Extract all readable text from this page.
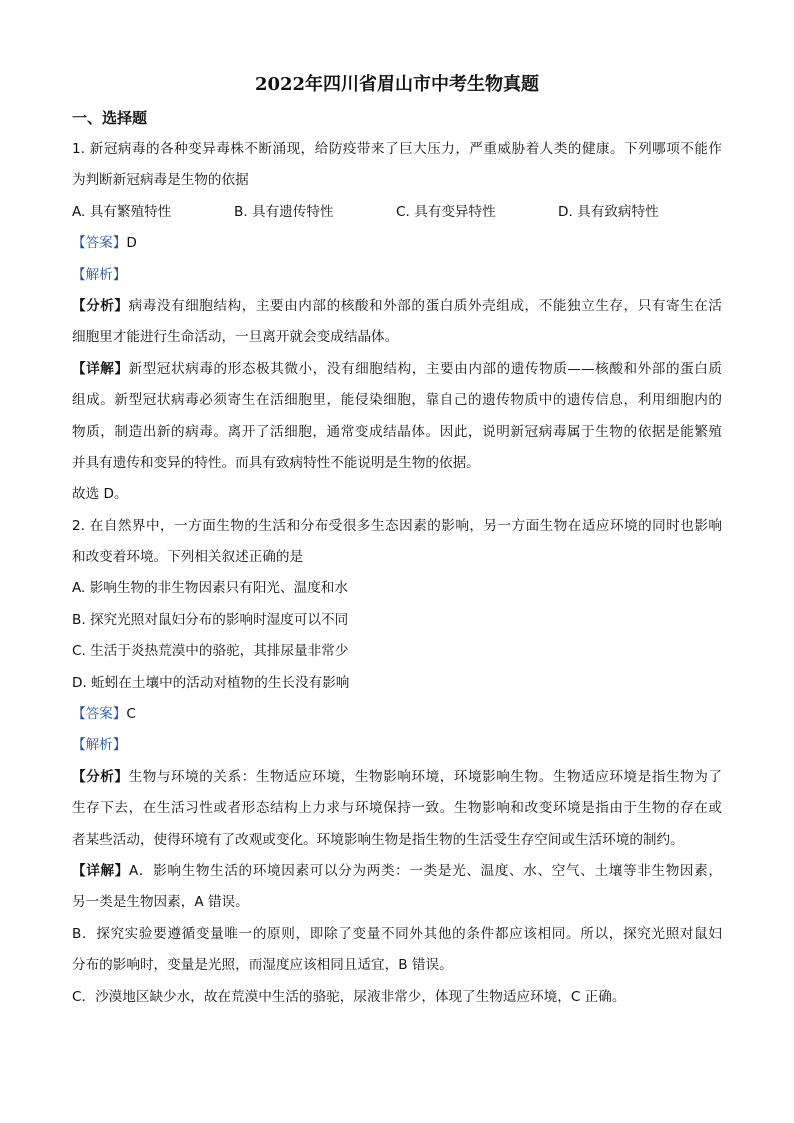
2022年四川省眉山市中考生物真题
一、选择题
1. 新冠病毒的各种变异毒株不断涌现，给防疫带来了巨大压力，严重威胁着人类的健康。下列哪项不能作
为判断新冠病毒是生物的依据
A. 具有繁殖特性	B. 具有遗传特性	C. 具有变异特性	D. 具有致病特性
【答案】D
【解析】
【分析】病毒没有细胞结构，主要由内部的核酸和外部的蛋白质外壳组成，不能独立生存，只有寄生在活
细胞里才能进行生命活动，一旦离开就会变成结晶体。
【详解】新型冠状病毒的形态极其微小，没有细胞结构，主要由内部的遗传物质——核酸和外部的蛋白质
组成。新型冠状病毒必须寄生在活细胞里，能侵染细胞，靠自己的遗传物质中的遗传信息，利用细胞内的
物质，制造出新的病毒。离开了活细胞，通常变成结晶体。因此，说明新冠病毒属于生物的依据是能繁殖
并具有遗传和变异的特性。而具有致病特性不能说明是生物的依据。
故选 D。
2. 在自然界中，一方面生物的生活和分布受很多生态因素的影响，另一方面生物在适应环境的同时也影响
和改变着环境。下列相关叙述正确的是
A. 影响生物的非生物因素只有阳光、温度和水
B. 探究光照对鼠妇分布的影响时湿度可以不同
C. 生活于炎热荒漠中的骆驼，其排尿量非常少
D. 蚯蚓在土壤中的活动对植物的生长没有影响
【答案】C
【解析】
【分析】生物与环境的关系：生物适应环境，生物影响环境，环境影响生物。生物适应环境是指生物为了
生存下去，在生活习性或者形态结构上力求与环境保持一致。生物影响和改变环境是指由于生物的存在或
者某些活动，使得环境有了改观或变化。环境影响生物是指生物的生活受生存空间或生活环境的制约。
【详解】A．影响生物生活的环境因素可以分为两类：一类是光、温度、水、空气、土壤等非生物因素，
另一类是生物因素，A 错误。
B．探究实验要遵循变量唯一的原则，即除了变量不同外其他的条件都应该相同。所以，探究光照对鼠妇
分布的影响时，变量是光照，而湿度应该相同且适宜，B 错误。
C．沙漠地区缺少水，故在荒漠中生活的骆驼，尿液非常少，体现了生物适应环境，C 正确。
